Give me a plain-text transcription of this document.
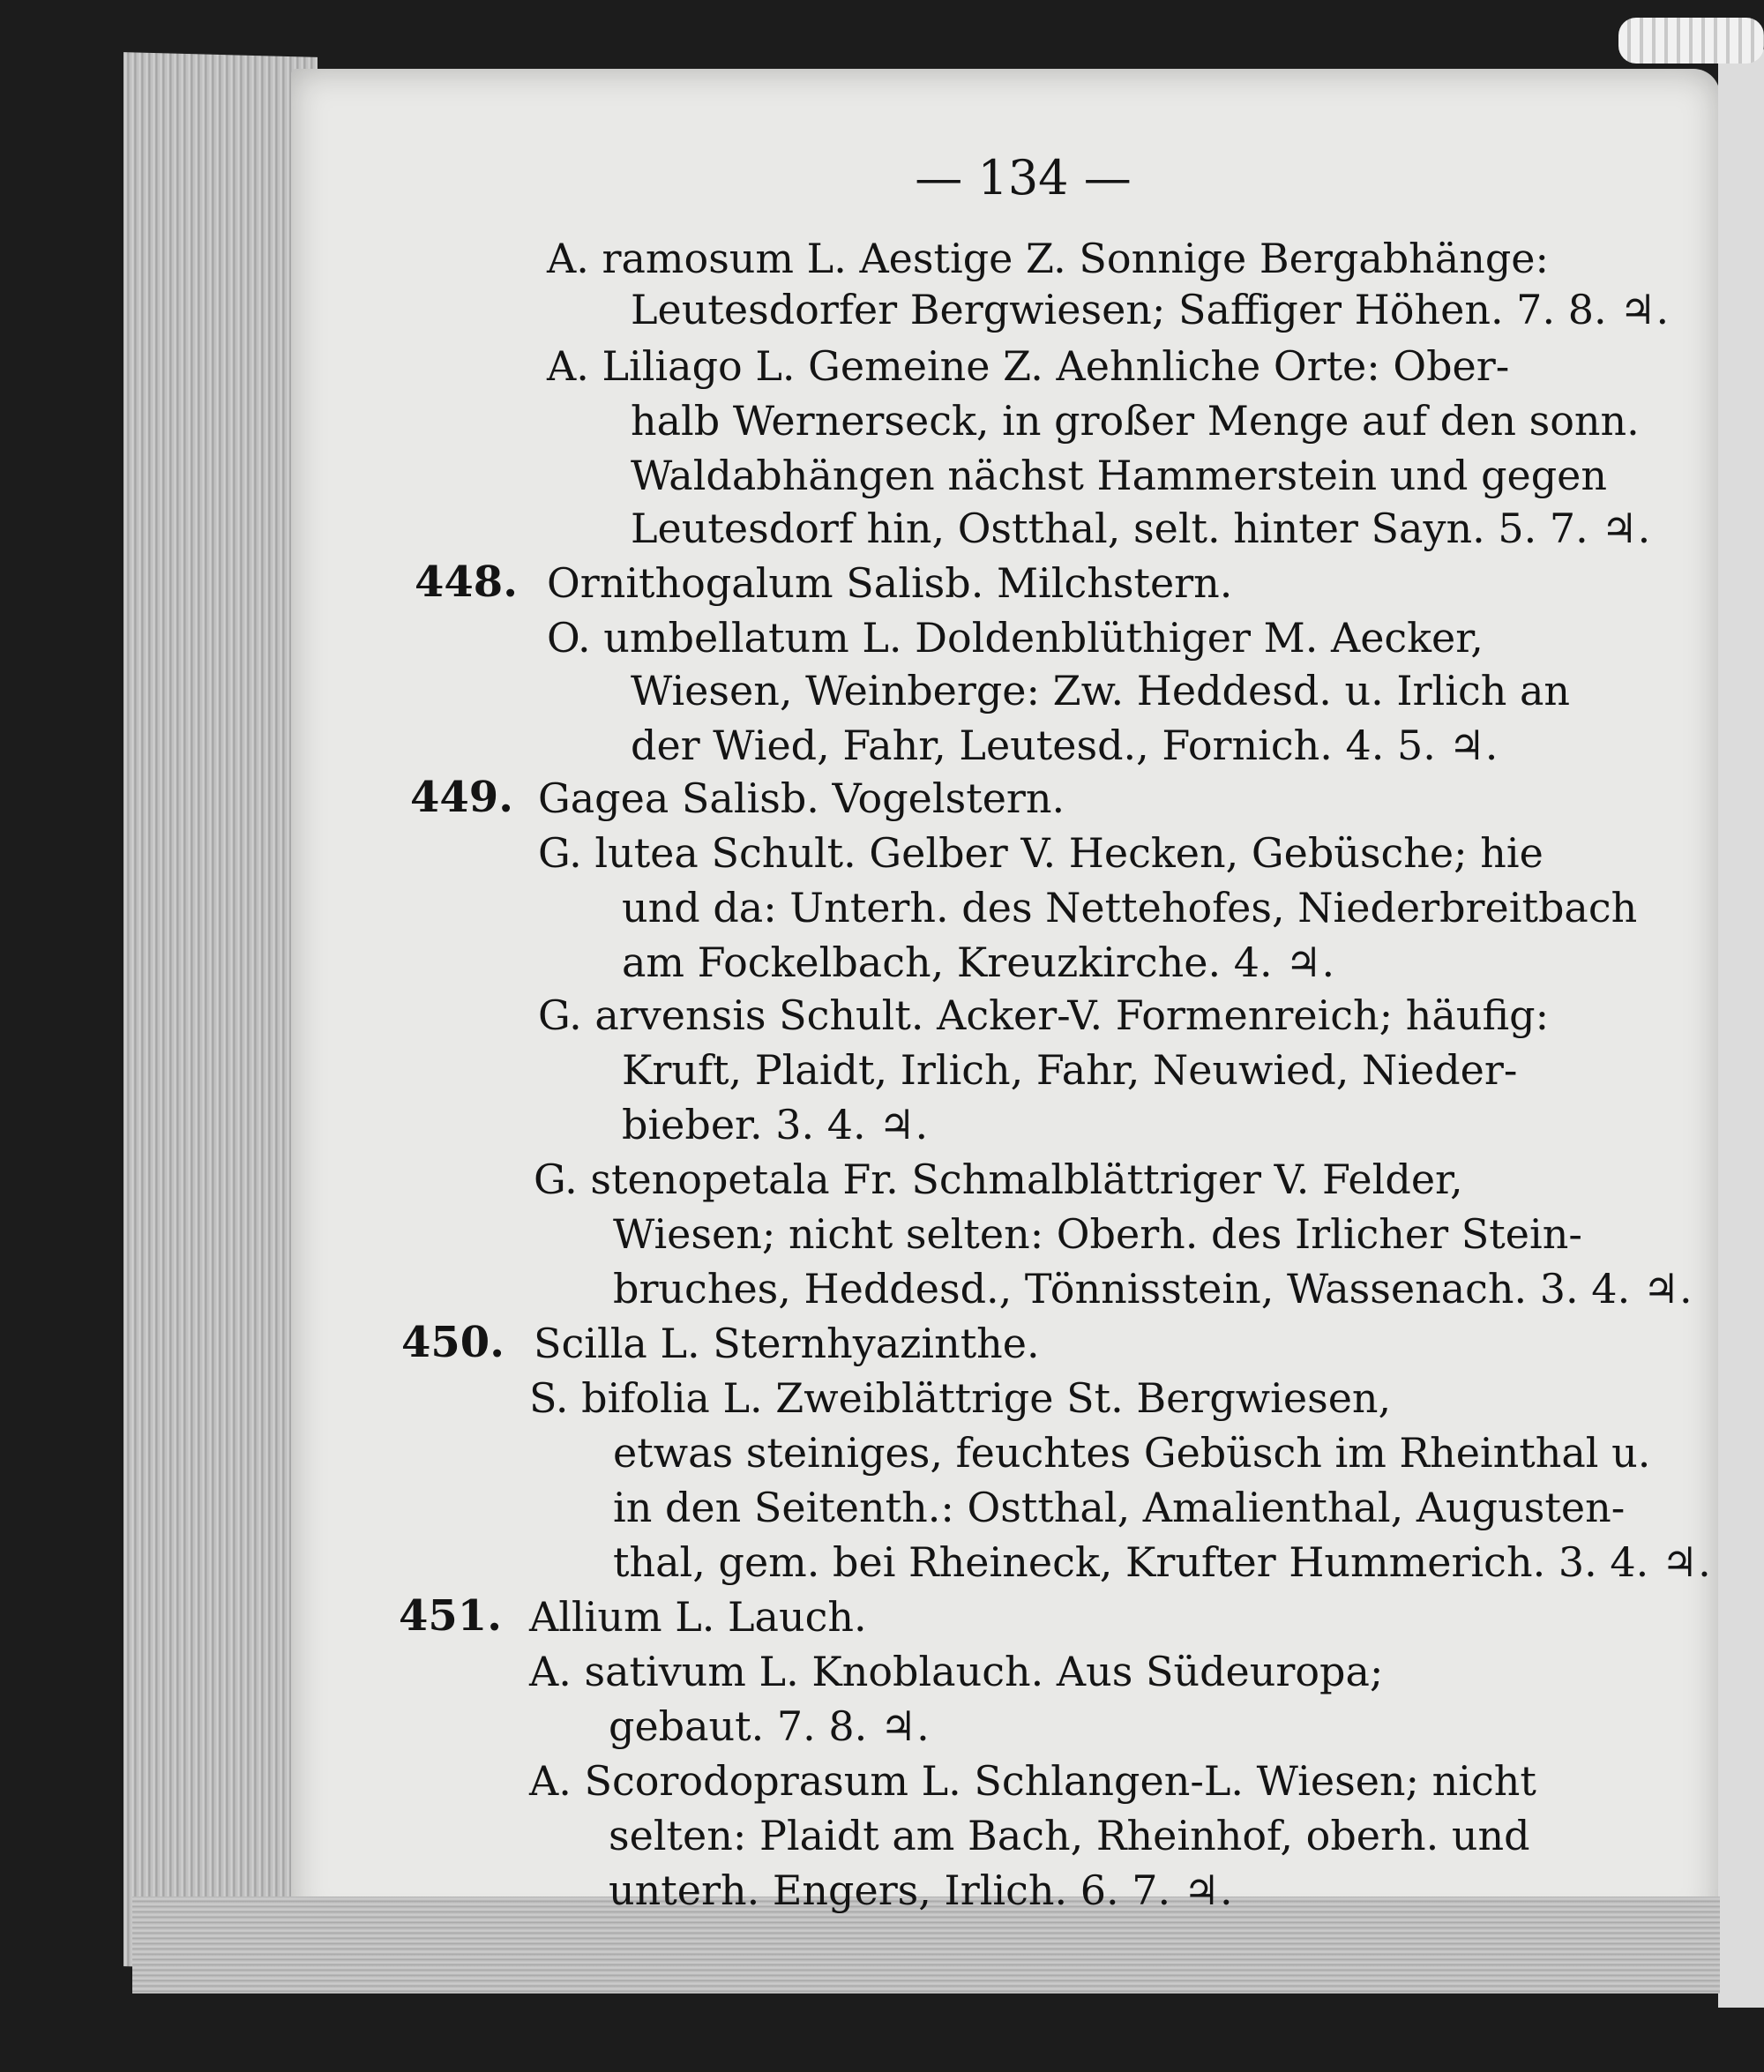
— 134 —
A. ramosum L. Aestige Z. Sonnige Bergabhänge:
Leutesdorfer Bergwiesen; Saffiger Höhen. 7. 8. ♃.
A. Liliago L. Gemeine Z. Aehnliche Orte: Ober-
halb Wernerseck, in großer Menge auf den sonn.
Waldabhängen nächst Hammerstein und gegen
Leutesdorf hin, Ostthal, selt. hinter Sayn. 5. 7. ♃.
448. Ornithogalum Salisb. Milchstern.
O. umbellatum L. Doldenblüthiger M. Aecker,
Wiesen, Weinberge: Zw. Heddesd. u. Irlich an
der Wied, Fahr, Leutesd., Fornich. 4. 5. ♃.
449. Gagea Salisb. Vogelstern.
G. lutea Schult. Gelber V. Hecken, Gebüsche; hie
und da: Unterh. des Nettehofes, Niederbreitbach
am Fockelbach, Kreuzkirche. 4. ♃.
G. arvensis Schult. Acker-V. Formenreich; häufig:
Kruft, Plaidt, Irlich, Fahr, Neuwied, Nieder-
bieber. 3. 4. ♃.
G. stenopetala Fr. Schmalblättriger V. Felder,
Wiesen; nicht selten: Oberh. des Irlicher Stein-
bruches, Heddesd., Tönnisstein, Wassenach. 3. 4. ♃.
450. Scilla L. Sternhyazinthe.
S. bifolia L. Zweiblättrige St. Bergwiesen,
etwas steiniges, feuchtes Gebüsch im Rheinthal u.
in den Seitenth.: Ostthal, Amalienthal, Augusten-
thal, gem. bei Rheineck, Krufter Hummerich. 3. 4. ♃.
451. Allium L. Lauch.
A. sativum L. Knoblauch. Aus Südeuropa;
gebaut. 7. 8. ♃.
A. Scorodoprasum L. Schlangen-L. Wiesen; nicht
selten: Plaidt am Bach, Rheinhof, oberh. und
unterh. Engers, Irlich. 6. 7. ♃.
